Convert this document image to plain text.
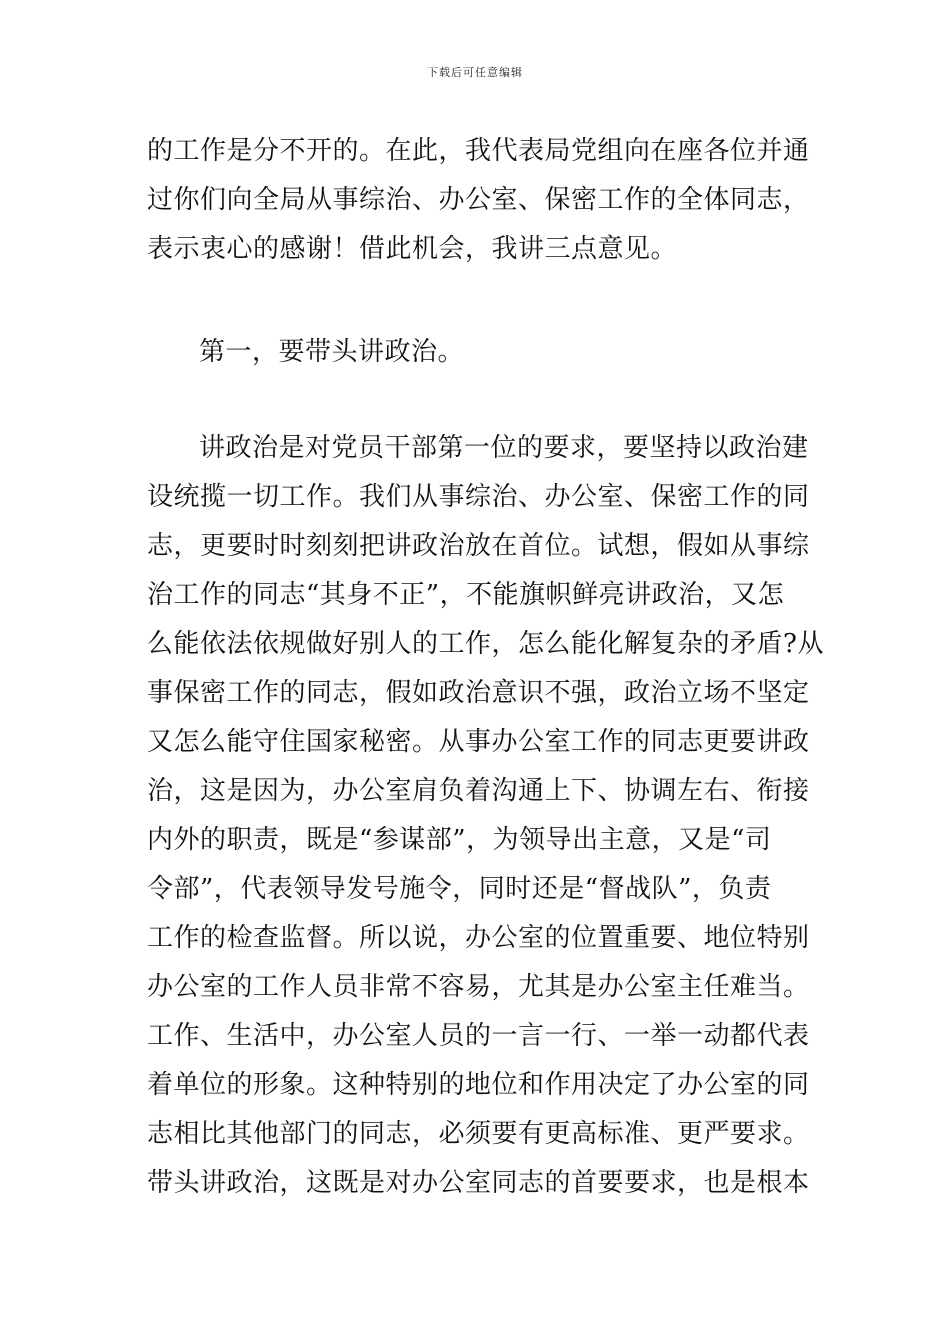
下载后可任意编辑
的工作是分不开的。在此，我代表局党组向在座各位并通
过你们向全局从事综治、办公室、保密工作的全体同志，
表示衷心的感谢！借此机会，我讲三点意见。
第一，要带头讲政治。
讲政治是对党员干部第一位的要求，要坚持以政治建
设统揽一切工作。我们从事综治、办公室、保密工作的同
志，更要时时刻刻把讲政治放在首位。试想，假如从事综
治工作的同志“其身不正”，不能旗帜鲜亮讲政治，又怎
么能依法依规做好别人的工作，怎么能化解复杂的矛盾?从
事保密工作的同志，假如政治意识不强，政治立场不坚定
又怎么能守住国家秘密。从事办公室工作的同志更要讲政
治，这是因为，办公室肩负着沟通上下、协调左右、衔接
内外的职责，既是“参谋部”，为领导出主意，又是“司
令部”，代表领导发号施令，同时还是“督战队”，负责
工作的检查监督。所以说，办公室的位置重要、地位特别
办公室的工作人员非常不容易，尤其是办公室主任难当。
工作、生活中，办公室人员的一言一行、一举一动都代表
着单位的形象。这种特别的地位和作用决定了办公室的同
志相比其他部门的同志，必须要有更高标准、更严要求。
带头讲政治，这既是对办公室同志的首要要求，也是根本
